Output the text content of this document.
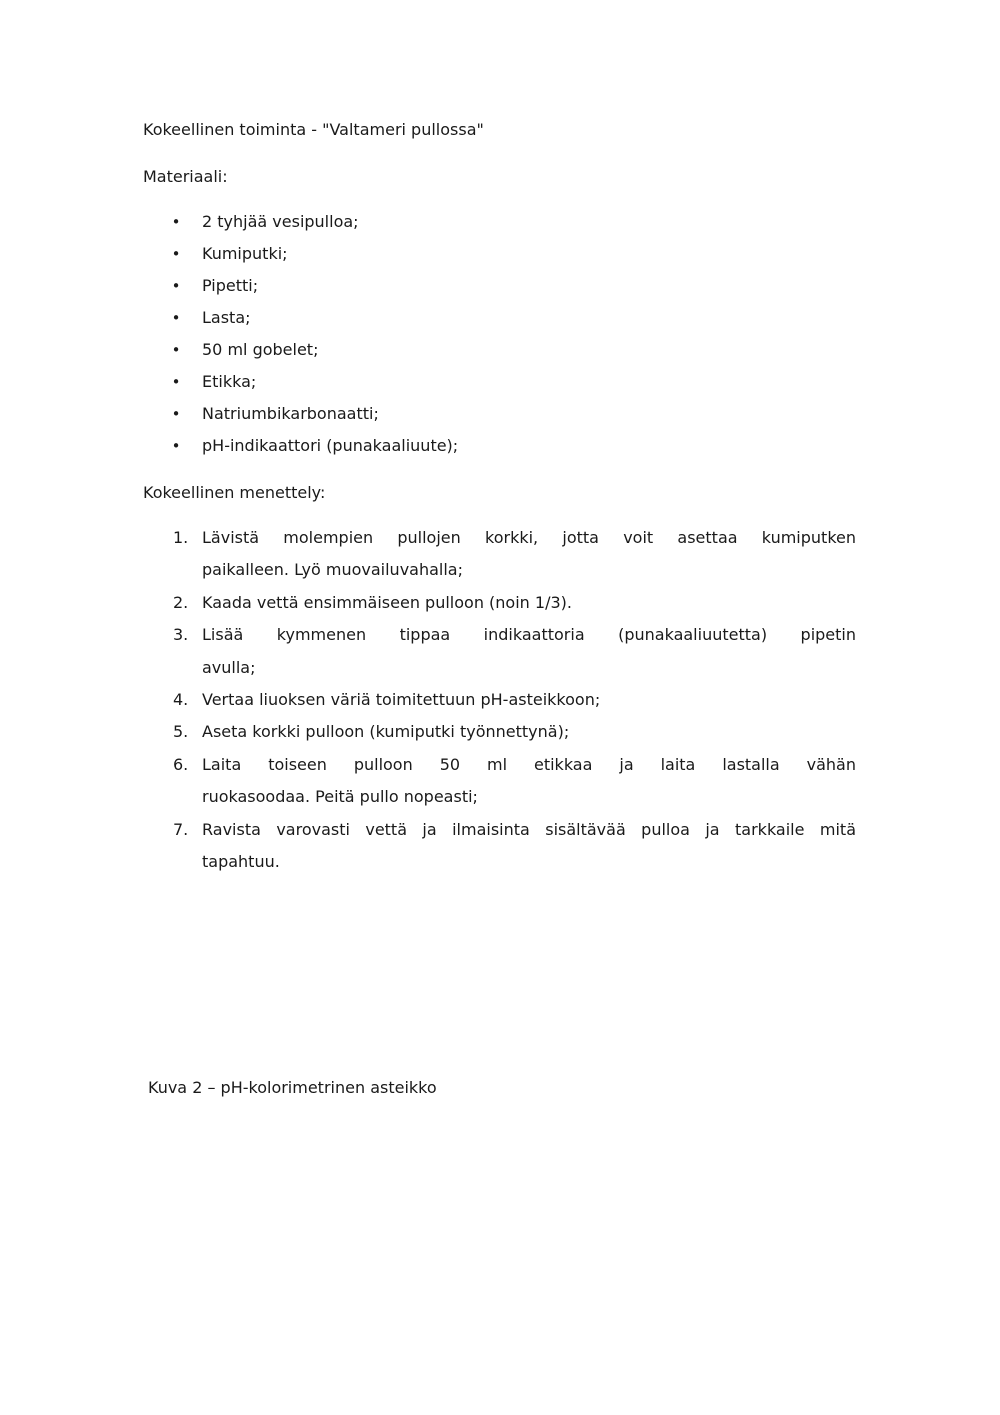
Kokeellinen toiminta - "Valtameri pullossa"
Materiaali:
• 2 tyhjää vesipulloa;
• Kumiputki;
• Pipetti;
• Lasta;
• 50 ml gobelet;
• Etikka;
• Natriumbikarbonaatti;
• pH-indikaattori (punakaaliuute);
Kokeellinen menettely:
1. Lävistä molempien pullojen korkki, jotta voit asettaa kumiputken
paikalleen. Lyö muovailuvahalla;
2. Kaada vettä ensimmäiseen pulloon (noin 1/3).
3. Lisää kymmenen tippaa indikaattoria (punakaaliuutetta) pipetin
avulla;
4. Vertaa liuoksen väriä toimitettuun pH-asteikkoon;
5. Aseta korkki pulloon (kumiputki työnnettynä);
6. Laita toiseen pulloon 50 ml etikkaa ja laita lastalla vähän
ruokasoodaa. Peitä pullo nopeasti;
7. Ravista varovasti vettä ja ilmaisinta sisältävää pulloa ja tarkkaile mitä
tapahtuu.
Kuva 2 – pH-kolorimetrinen asteikko
